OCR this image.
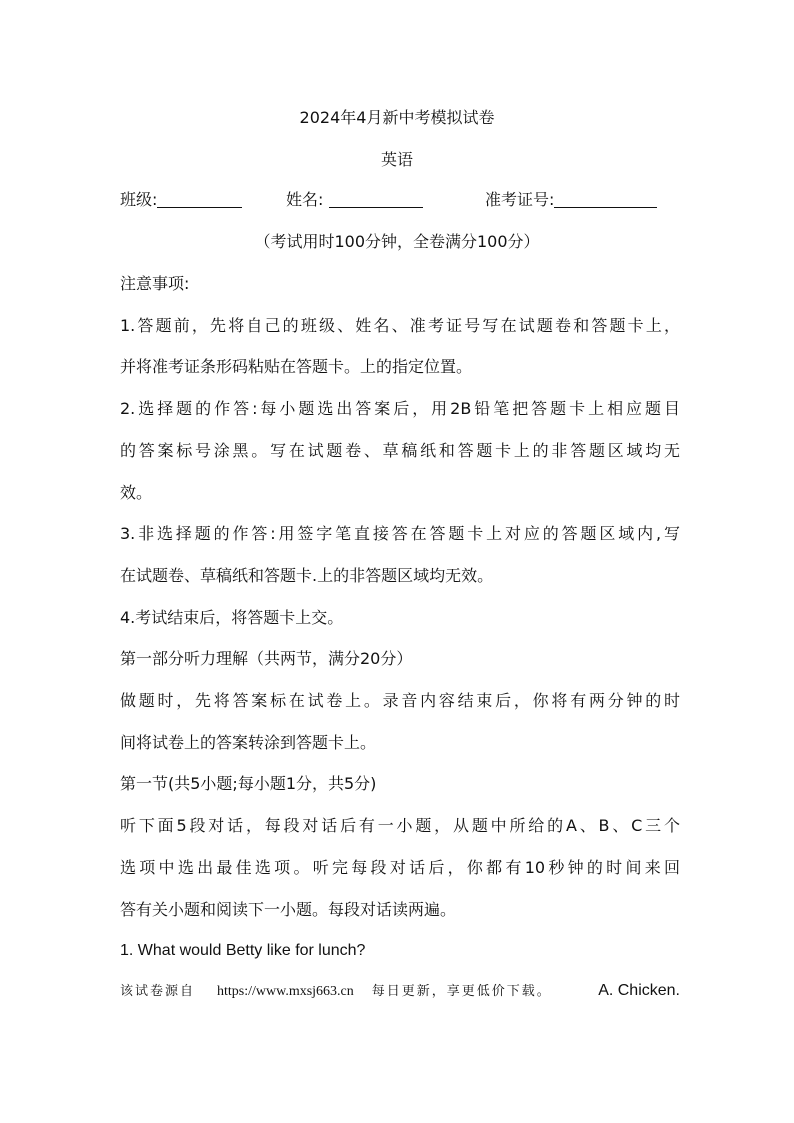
2024年4月新中考模拟试卷
英语
班级:	姓名:	准考证号:
（考试用时100分钟，全卷满分100分）
注意事项:
1.答题前，先将自己的班级、姓名、准考证号写在试题卷和答题卡上，
并将准考证条形码粘贴在答题卡。上的指定位置。
2.选择题的作答:每小题选出答案后，用2B铅笔把答题卡上相应题目
的答案标号涂黑。写在试题卷、草稿纸和答题卡上的非答题区域均无
效。
3.非选择题的作答:用签字笔直接答在答题卡上对应的答题区域内,写
在试题卷、草稿纸和答题卡.上的非答题区域均无效。
4.考试结束后，将答题卡上交。
第一部分听力理解（共两节，满分20分）
做题时，先将答案标在试卷上。录音内容结束后，你将有两分钟的时
间将试卷上的答案转涂到答题卡上。
第一节(共5小题;每小题1分，共5分)
听下面5段对话，每段对话后有一小题，从题中所给的A、B、C三个
选项中选出最佳选项。听完每段对话后，你都有10秒钟的时间来回
答有关小题和阅读下一小题。每段对话读两遍。
1. What would Betty like for lunch?
该试卷源自 https://www.mxsj663.cn 每日更新，享更低价下载。	A. Chicken.
